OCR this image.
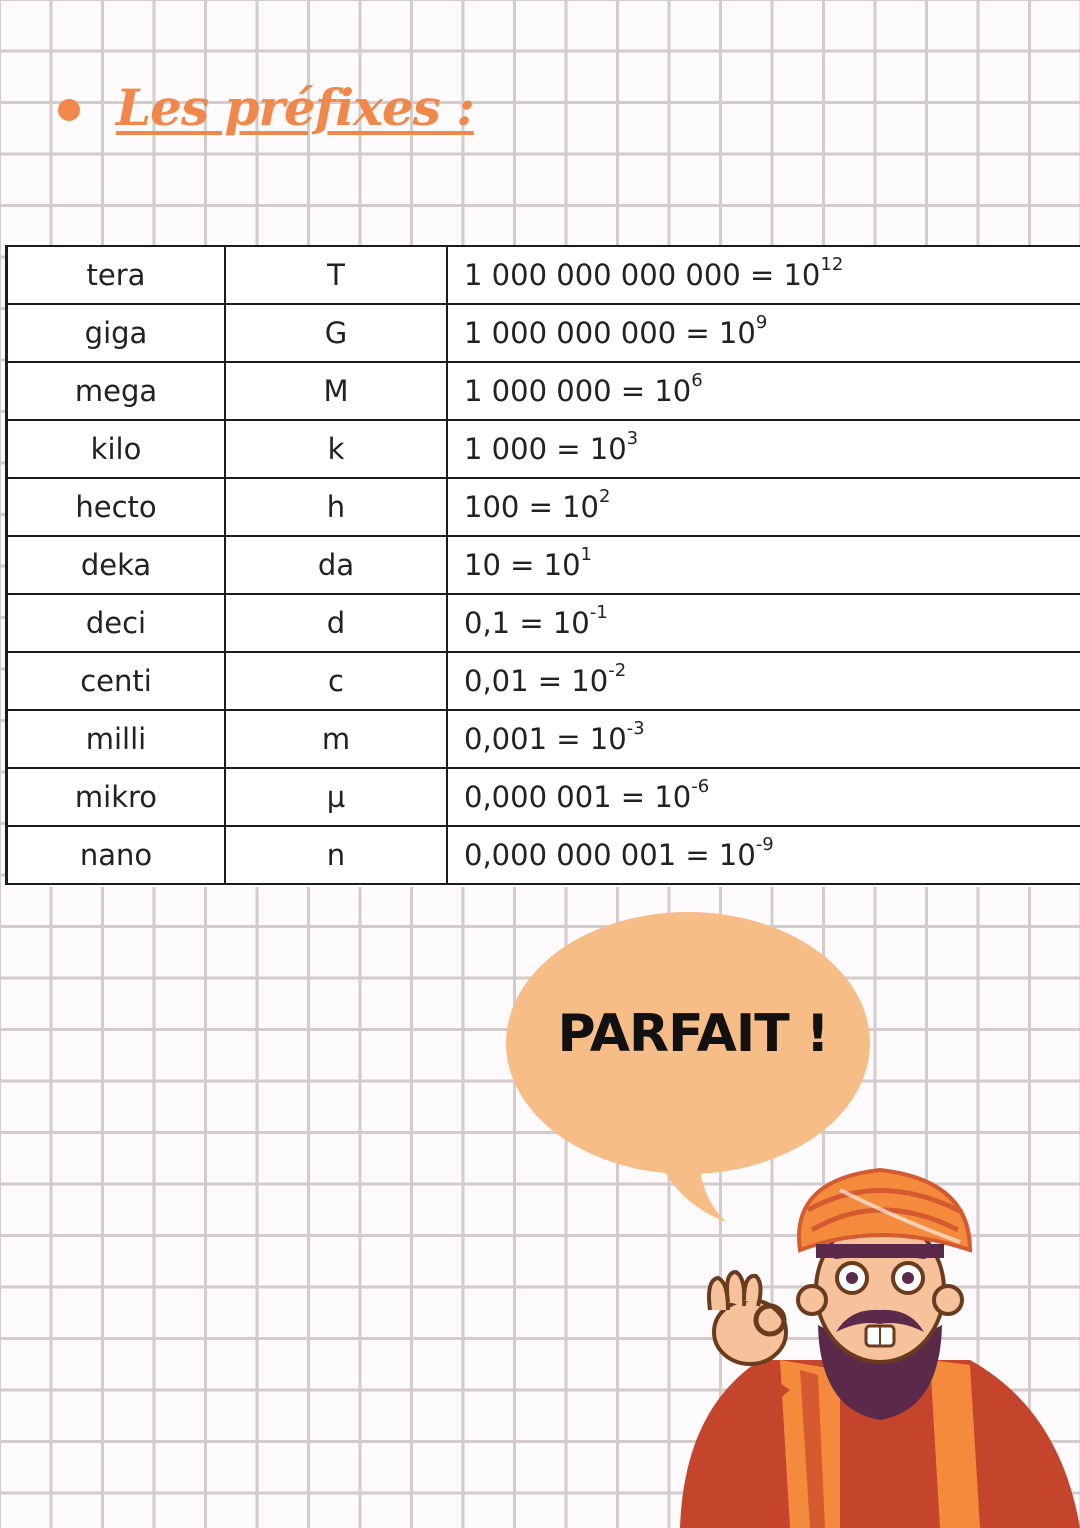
Les préfixes :
tera	T	1 000 000 000 $000 = 10^{12}$
giga	G	1 000 000 $000 = 10^9$
mega	M	1 000 $000 = 10^6$
kilo	k	1 $000 = 10^3$
hecto	h	$100 = 10^2$
deka	da	$10 = 10^1$
deci	d	$0,1 = 10^{-1}$
centi	c	$0,01 = 10^{-2}$
milli	m	$0,001 = 10^{-3}$
mikro	µ	0,000 $001 = 10^{-6}$
nano	n	0,000 000 $001 = 10^{-9}$
PARFAIT !
